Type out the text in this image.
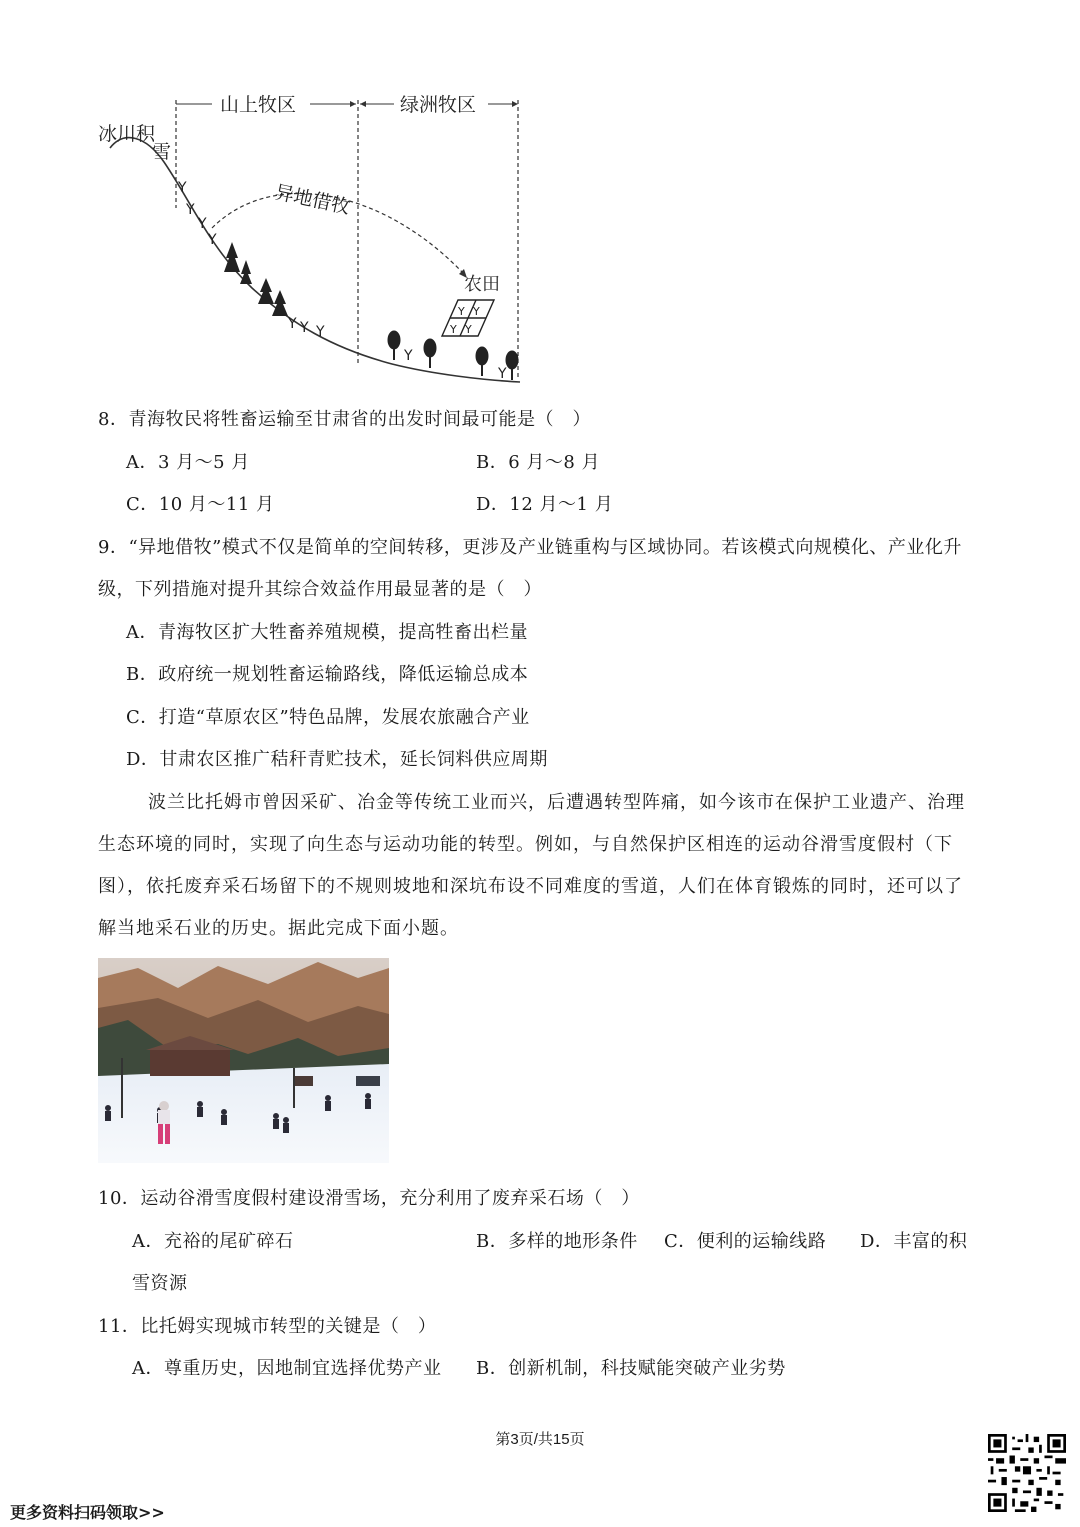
山上牧区	绿洲牧区
冰川积
雪
异地借牧
农田
Y Y
Y Y
Y
Y
Y
Y
Y Y Y
Y
Y
8．青海牧民将牲畜运输至甘肃省的出发时间最可能是（　）
A．3 月～5 月	B．6 月～8 月
C．10 月～11 月	D．12 月～1 月
9．“异地借牧”模式不仅是简单的空间转移，更涉及产业链重构与区域协同。若该模式向规模化、产业化升
级，下列措施对提升其综合效益作用最显著的是（　）
A．青海牧区扩大牲畜养殖规模，提高牲畜出栏量
B．政府统一规划牲畜运输路线，降低运输总成本
C．打造“草原农区”特色品牌，发展农旅融合产业
D．甘肃农区推广秸秆青贮技术，延长饲料供应周期
波兰比托姆市曾因采矿、冶金等传统工业而兴，后遭遇转型阵痛，如今该市在保护工业遗产、治理
生态环境的同时，实现了向生态与运动功能的转型。例如，与自然保护区相连的运动谷滑雪度假村（下
图），依托废弃采石场留下的不规则坡地和深坑布设不同难度的雪道，人们在体育锻炼的同时，还可以了
解当地采石业的历史。据此完成下面小题。
10．运动谷滑雪度假村建设滑雪场，充分利用了废弃采石场（　）
A．充裕的尾矿碎石	B．多样的地形条件 C．便利的运输线路 D．丰富的积
雪资源
11．比托姆实现城市转型的关键是（　）
A．尊重历史，因地制宜选择优势产业 B．创新机制，科技赋能突破产业劣势
第3页/共15页
更多资料扫码领取>>
